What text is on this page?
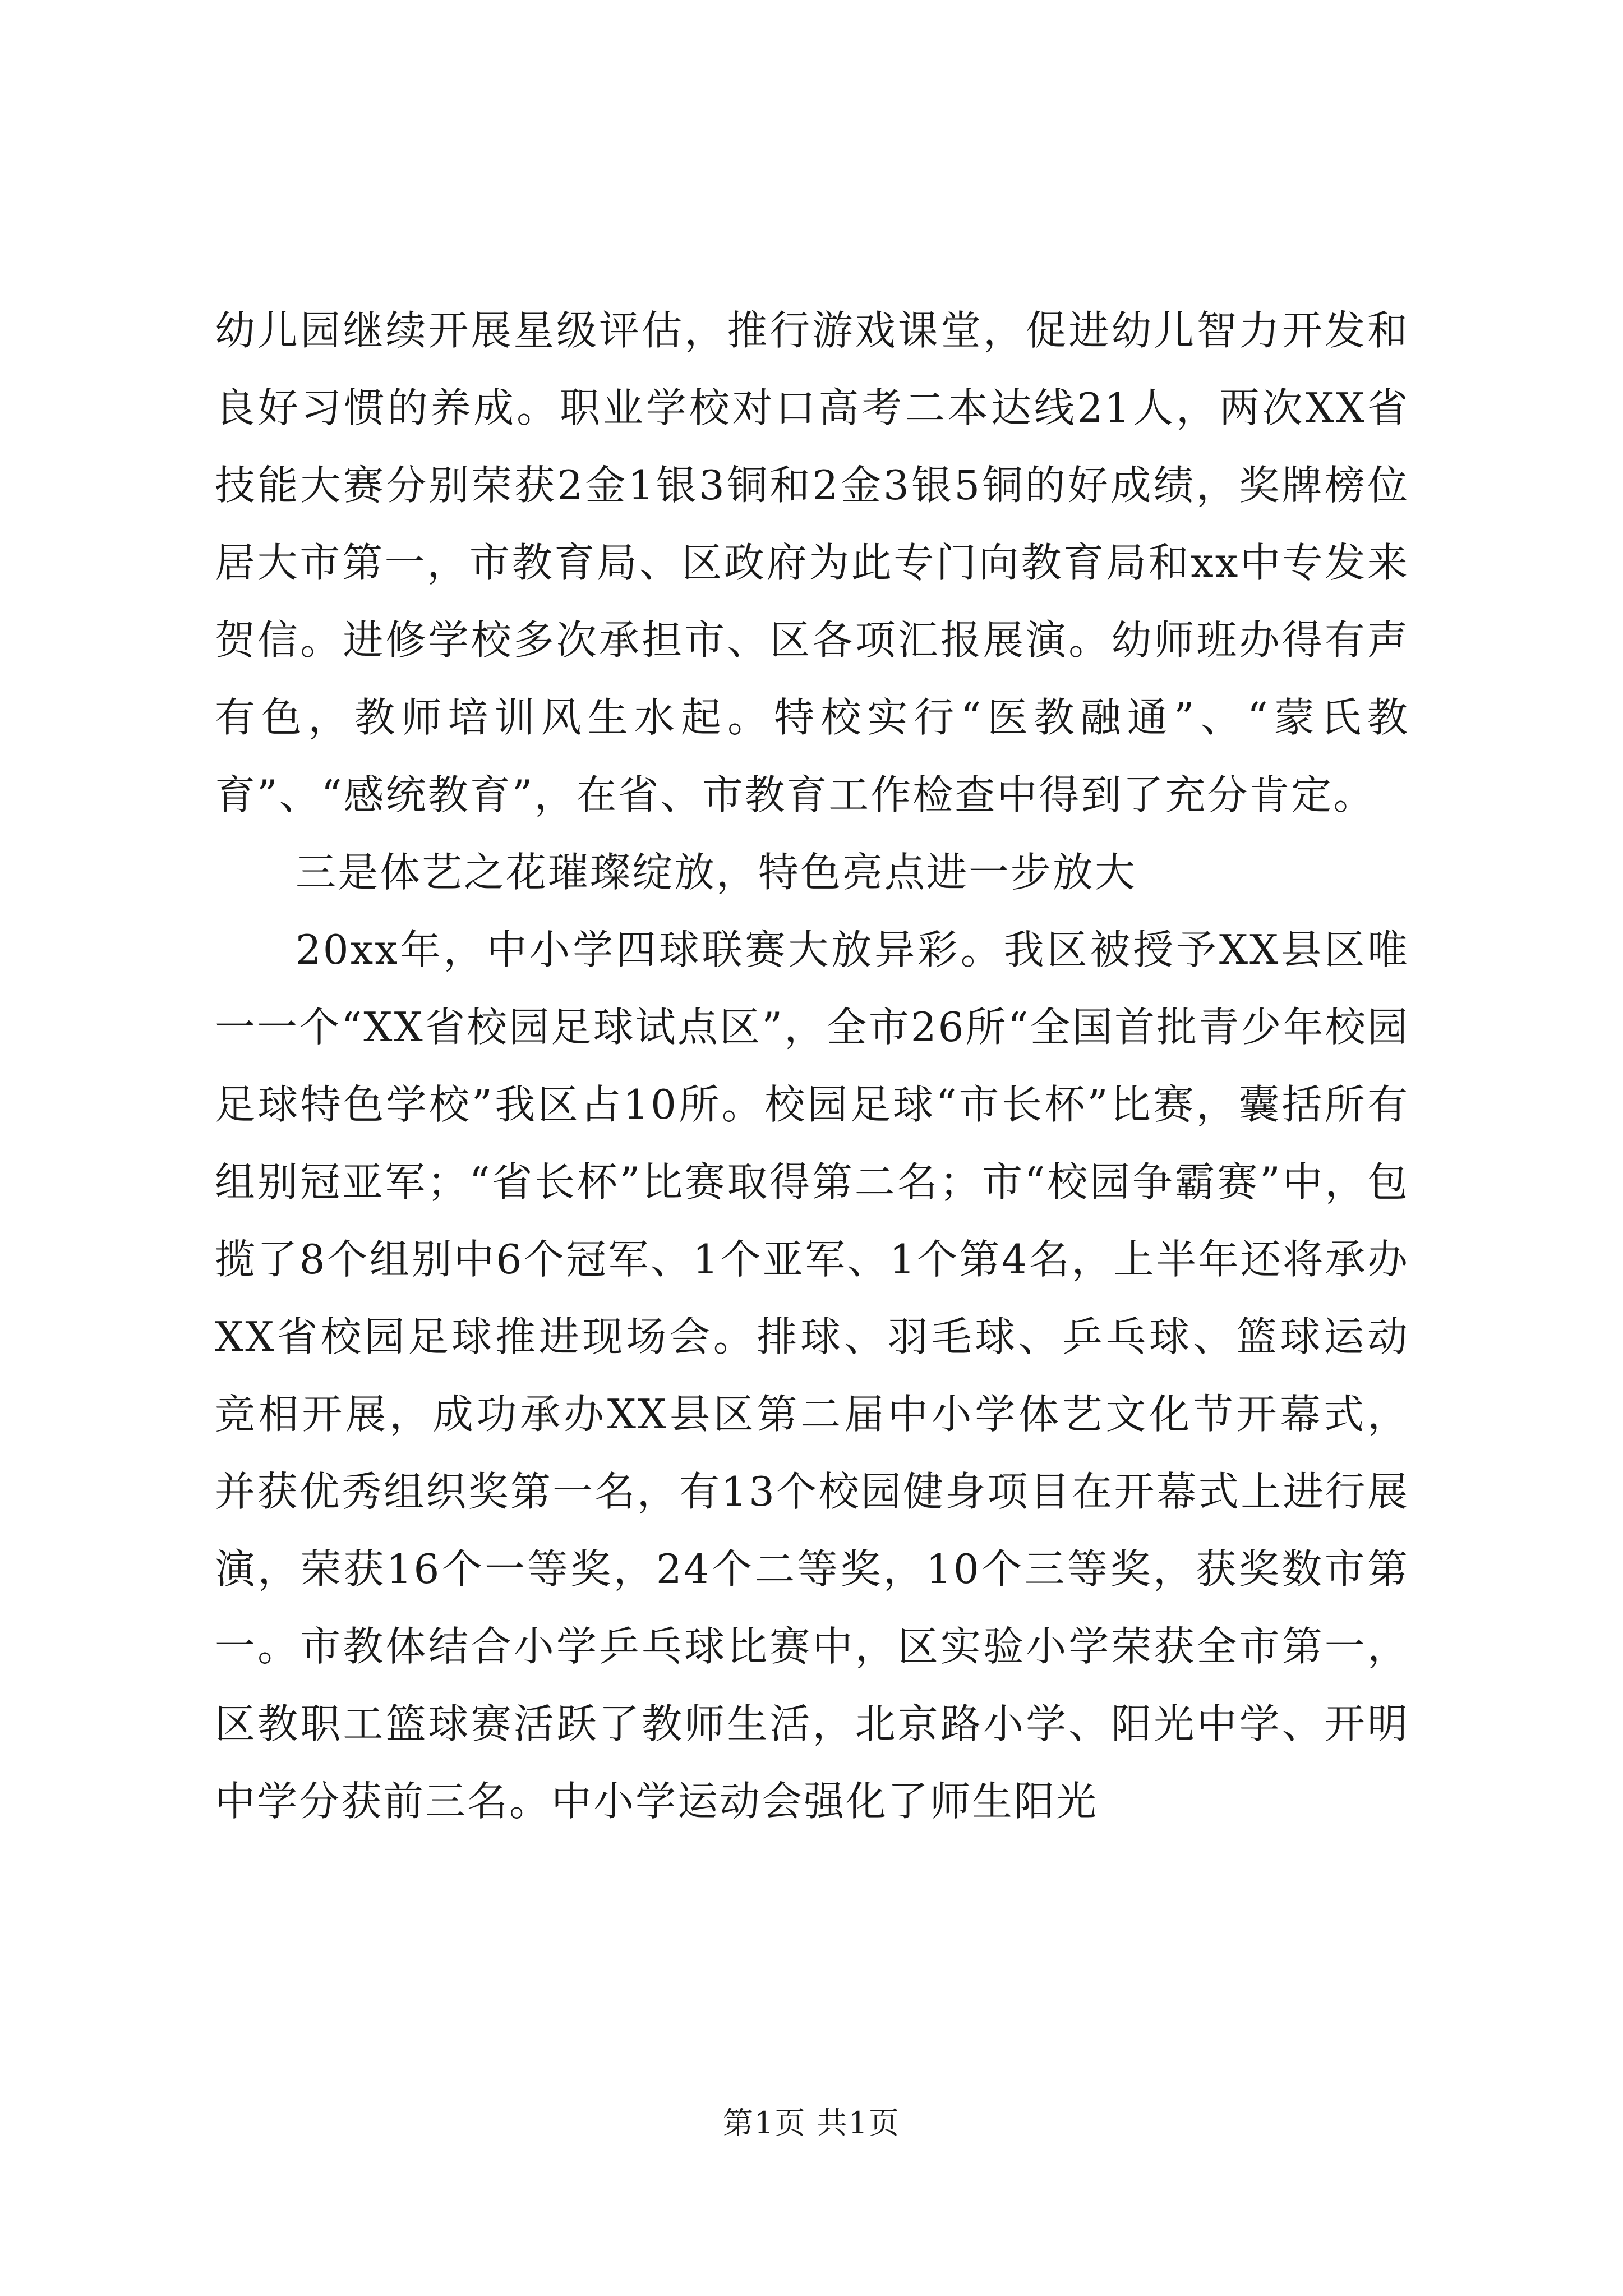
幼儿园继续开展星级评估，推行游戏课堂，促进幼儿智力开发和良好习惯的养成。职业学校对口高考二本达线21人，两次XX省技能大赛分别荣获2金1银3铜和2金3银5铜的好成绩，奖牌榜位居大市第一，市教育局、区政府为此专门向教育局和xx中专发来贺信。进修学校多次承担市、区各项汇报展演。幼师班办得有声有色，教师培训风生水起。特校实行“医教融通”、“蒙氏教育”、“感统教育”，在省、市教育工作检查中得到了充分肯定。

三是体艺之花璀璨绽放，特色亮点进一步放大

20xx年，中小学四球联赛大放异彩。我区被授予XX县区唯一一个“XX省校园足球试点区”，全市26所“全国首批青少年校园足球特色学校”我区占10所。校园足球“市长杯”比赛，囊括所有组别冠亚军；“省长杯”比赛取得第二名；市“校园争霸赛”中，包揽了8个组别中6个冠军、1个亚军、1个第4名，上半年还将承办XX省校园足球推进现场会。排球、羽毛球、乒乓球、篮球运动竞相开展，成功承办XX县区第二届中小学体艺文化节开幕式，并获优秀组织奖第一名，有13个校园健身项目在开幕式上进行展演，荣获16个一等奖，24个二等奖，10个三等奖，获奖数市第一。市教体结合小学乒乓球比赛中，区实验小学荣获全市第一，区教职工篮球赛活跃了教师生活，北京路小学、阳光中学、开明中学分获前三名。中小学运动会强化了师生阳光

第1页 共1页
